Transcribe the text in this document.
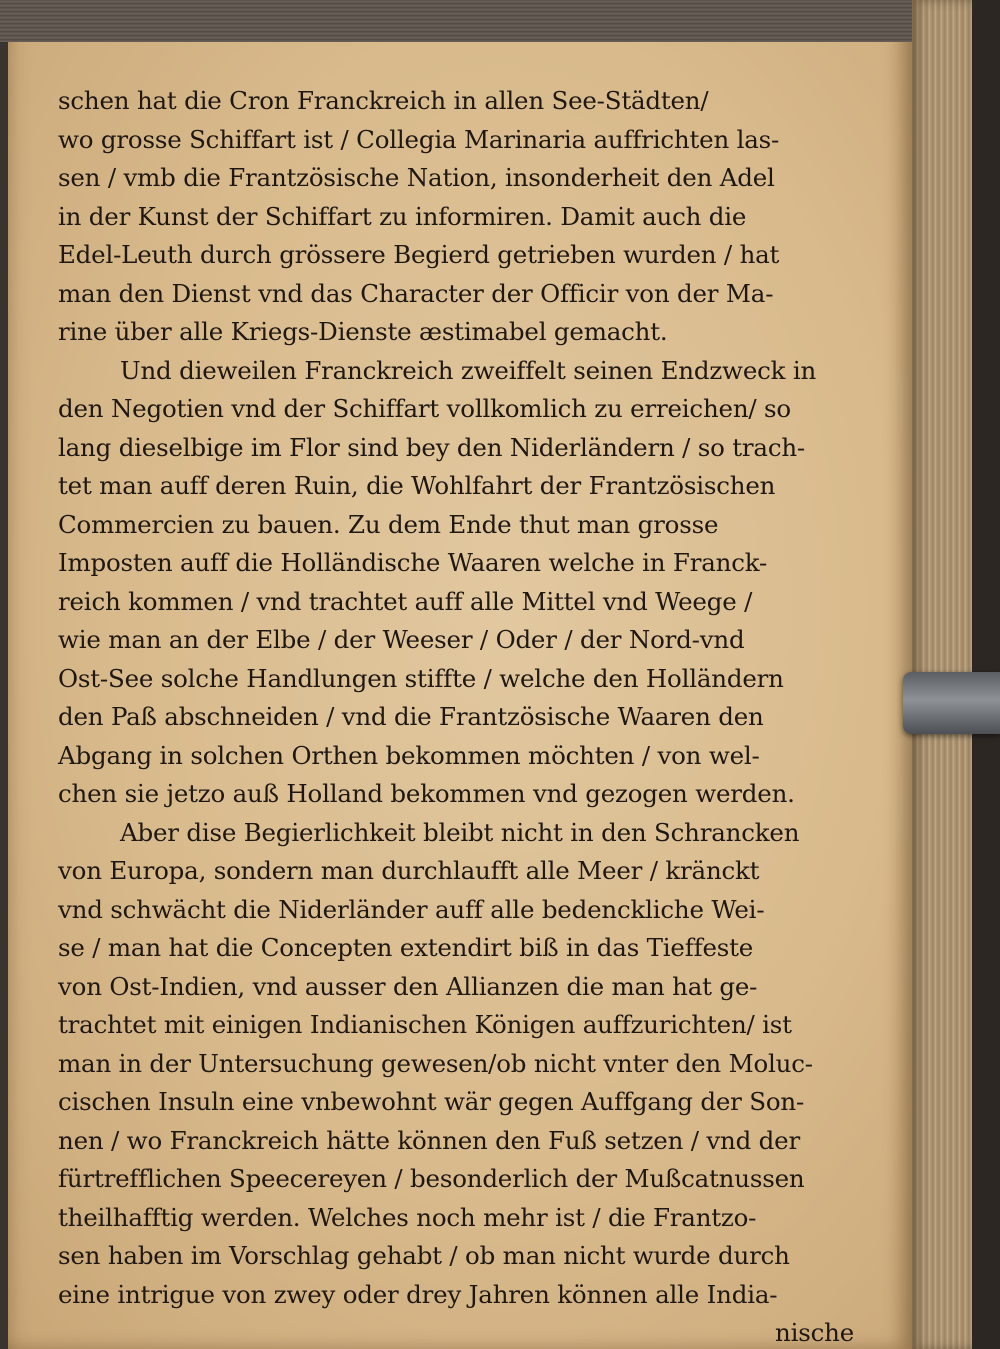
schen hat die Cron Franckreich in allen See-Städten/
wo grosse Schiffart ist / Collegia Marinaria auffrichten las-
sen / vmb die Frantzösische Nation, insonderheit den Adel
in der Kunst der Schiffart zu informiren. Damit auch die
Edel-Leuth durch grössere Begierd getrieben wurden / hat
man den Dienst vnd das Character der Officir von der Ma-
rine über alle Kriegs-Dienste æstimabel gemacht.
Und dieweilen Franckreich zweiffelt seinen Endzweck in
den Negotien vnd der Schiffart vollkomlich zu erreichen/ so
lang dieselbige im Flor sind bey den Niderländern / so trach-
tet man auff deren Ruin, die Wohlfahrt der Frantzösischen
Commercien zu bauen. Zu dem Ende thut man grosse
Imposten auff die Holländische Waaren welche in Franck-
reich kommen / vnd trachtet auff alle Mittel vnd Weege /
wie man an der Elbe / der Weeser / Oder / der Nord-vnd
Ost-See solche Handlungen stiffte / welche den Holländern
den Paß abschneiden / vnd die Frantzösische Waaren den
Abgang in solchen Orthen bekommen möchten / von wel-
chen sie jetzo auß Holland bekommen vnd gezogen werden.
Aber dise Begierlichkeit bleibt nicht in den Schrancken
von Europa, sondern man durchlaufft alle Meer / kränckt
vnd schwächt die Niderländer auff alle bedenckliche Wei-
se / man hat die Concepten extendirt biß in das Tieffeste
von Ost-Indien, vnd ausser den Allianzen die man hat ge-
trachtet mit einigen Indianischen Königen auffzurichten/ ist
man in der Untersuchung gewesen/ob nicht vnter den Moluc-
cischen Insuln eine vnbewohnt wär gegen Auffgang der Son-
nen / wo Franckreich hätte können den Fuß setzen / vnd der
fürtrefflichen Speecereyen / besonderlich der Mußcatnussen
theilhafftig werden. Welches noch mehr ist / die Frantzo-
sen haben im Vorschlag gehabt / ob man nicht wurde durch
eine intrigue von zwey oder drey Jahren können alle India-
nische
